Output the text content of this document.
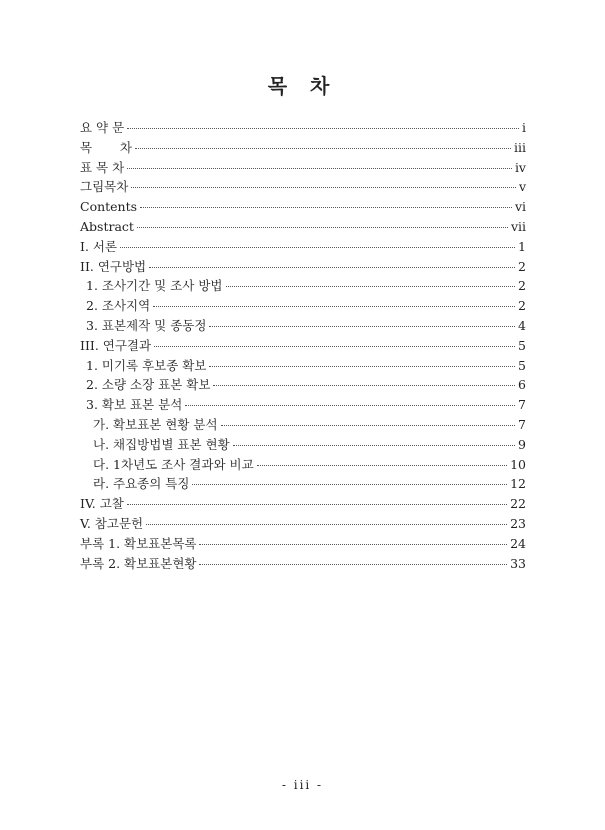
목 차
요 약 문	i
목       차	iii
표 목 차	iv
그림목차	v
Contents	vi
Abstract	vii
I. 서론	1
II. 연구방법	2
1. 조사기간 및 조사 방법	2
2. 조사지역	2
3. 표본제작 및 종동정	4
III. 연구결과	5
1. 미기록 후보종 확보	5
2. 소량 소장 표본 확보	6
3. 확보 표본 분석	7
가. 확보표본 현황 분석	7
나. 채집방법별 표본 현황	9
다. 1차년도 조사 결과와 비교	10
라. 주요종의 특징	12
IV. 고찰	22
V. 참고문헌	23
부록 1. 확보표본목록	24
부록 2. 확보표본현황	33
- iii -
